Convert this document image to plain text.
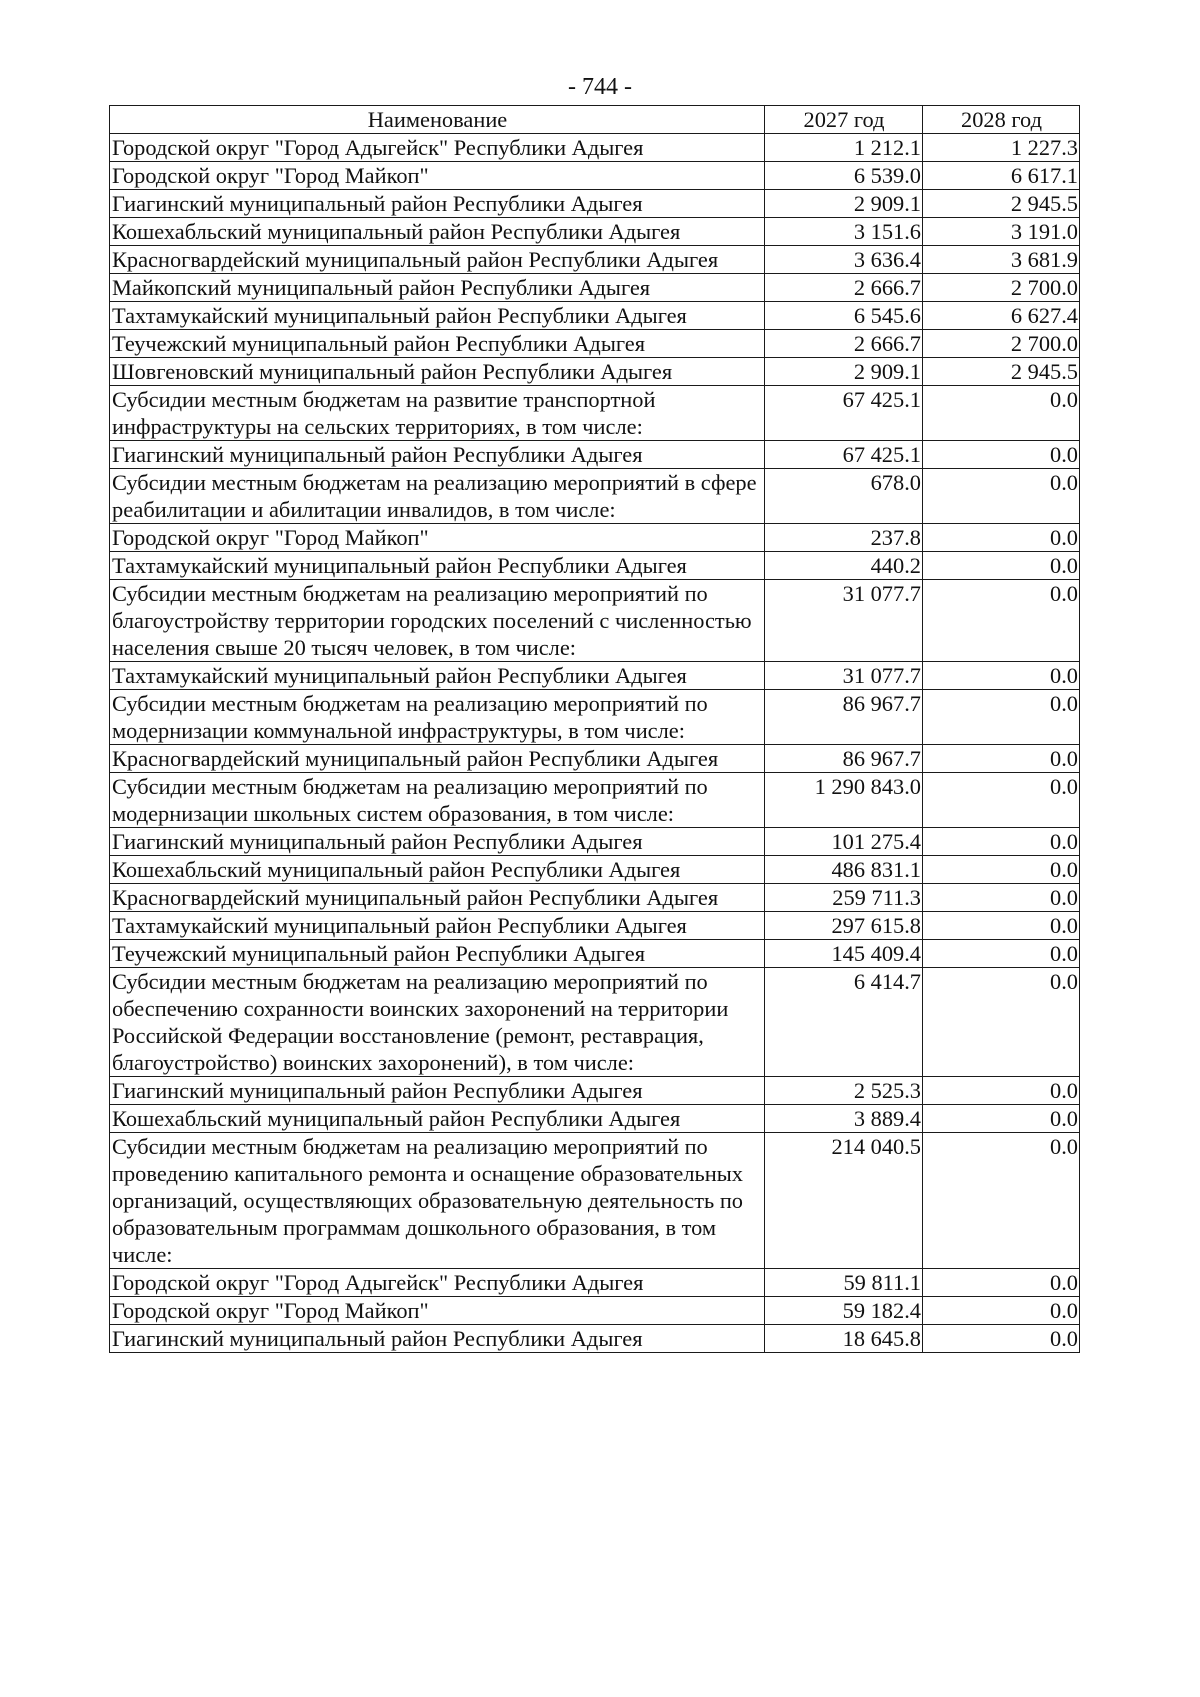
- 744 -
Наименование	2027 год	2028 год
Городской округ "Город Адыгейск" Республики Адыгея	1 212.1	1 227.3
Городской округ "Город Майкоп"	6 539.0	6 617.1
Гиагинский муниципальный район Республики Адыгея	2 909.1	2 945.5
Кошехабльский муниципальный район Республики Адыгея	3 151.6	3 191.0
Красногвардейский муниципальный район Республики Адыгея	3 636.4	3 681.9
Майкопский муниципальный район Республики Адыгея	2 666.7	2 700.0
Тахтамукайский муниципальный район Республики Адыгея	6 545.6	6 627.4
Теучежский муниципальный район Республики Адыгея	2 666.7	2 700.0
Шовгеновский муниципальный район Республики Адыгея	2 909.1	2 945.5
Субсидии местным бюджетам на развитие транспортной инфраструктуры на сельских территориях, в том числе:	67 425.1	0.0
Гиагинский муниципальный район Республики Адыгея	67 425.1	0.0
Субсидии местным бюджетам на реализацию мероприятий в сфере реабилитации и абилитации инвалидов, в том числе:	678.0	0.0
Городской округ "Город Майкоп"	237.8	0.0
Тахтамукайский муниципальный район Республики Адыгея	440.2	0.0
Субсидии местным бюджетам на реализацию мероприятий по благоустройству территории городских поселений с численностью населения свыше 20 тысяч человек, в том числе:	31 077.7	0.0
Тахтамукайский муниципальный район Республики Адыгея	31 077.7	0.0
Субсидии местным бюджетам на реализацию мероприятий по модернизации коммунальной инфраструктуры, в том числе:	86 967.7	0.0
Красногвардейский муниципальный район Республики Адыгея	86 967.7	0.0
Субсидии местным бюджетам на реализацию мероприятий по модернизации школьных систем образования, в том числе:	1 290 843.0	0.0
Гиагинский муниципальный район Республики Адыгея	101 275.4	0.0
Кошехабльский муниципальный район Республики Адыгея	486 831.1	0.0
Красногвардейский муниципальный район Республики Адыгея	259 711.3	0.0
Тахтамукайский муниципальный район Республики Адыгея	297 615.8	0.0
Теучежский муниципальный район Республики Адыгея	145 409.4	0.0
Субсидии местным бюджетам на реализацию мероприятий по обеспечению сохранности воинских захоронений на территории Российской Федерации восстановление (ремонт, реставрация, благоустройство) воинских захоронений), в том числе:	6 414.7	0.0
Гиагинский муниципальный район Республики Адыгея	2 525.3	0.0
Кошехабльский муниципальный район Республики Адыгея	3 889.4	0.0
Субсидии местным бюджетам на реализацию мероприятий по проведению капитального ремонта и оснащение образовательных организаций, осуществляющих образовательную деятельность по образовательным программам дошкольного образования, в том числе:	214 040.5	0.0
Городской округ "Город Адыгейск" Республики Адыгея	59 811.1	0.0
Городской округ "Город Майкоп"	59 182.4	0.0
Гиагинский муниципальный район Республики Адыгея	18 645.8	0.0
